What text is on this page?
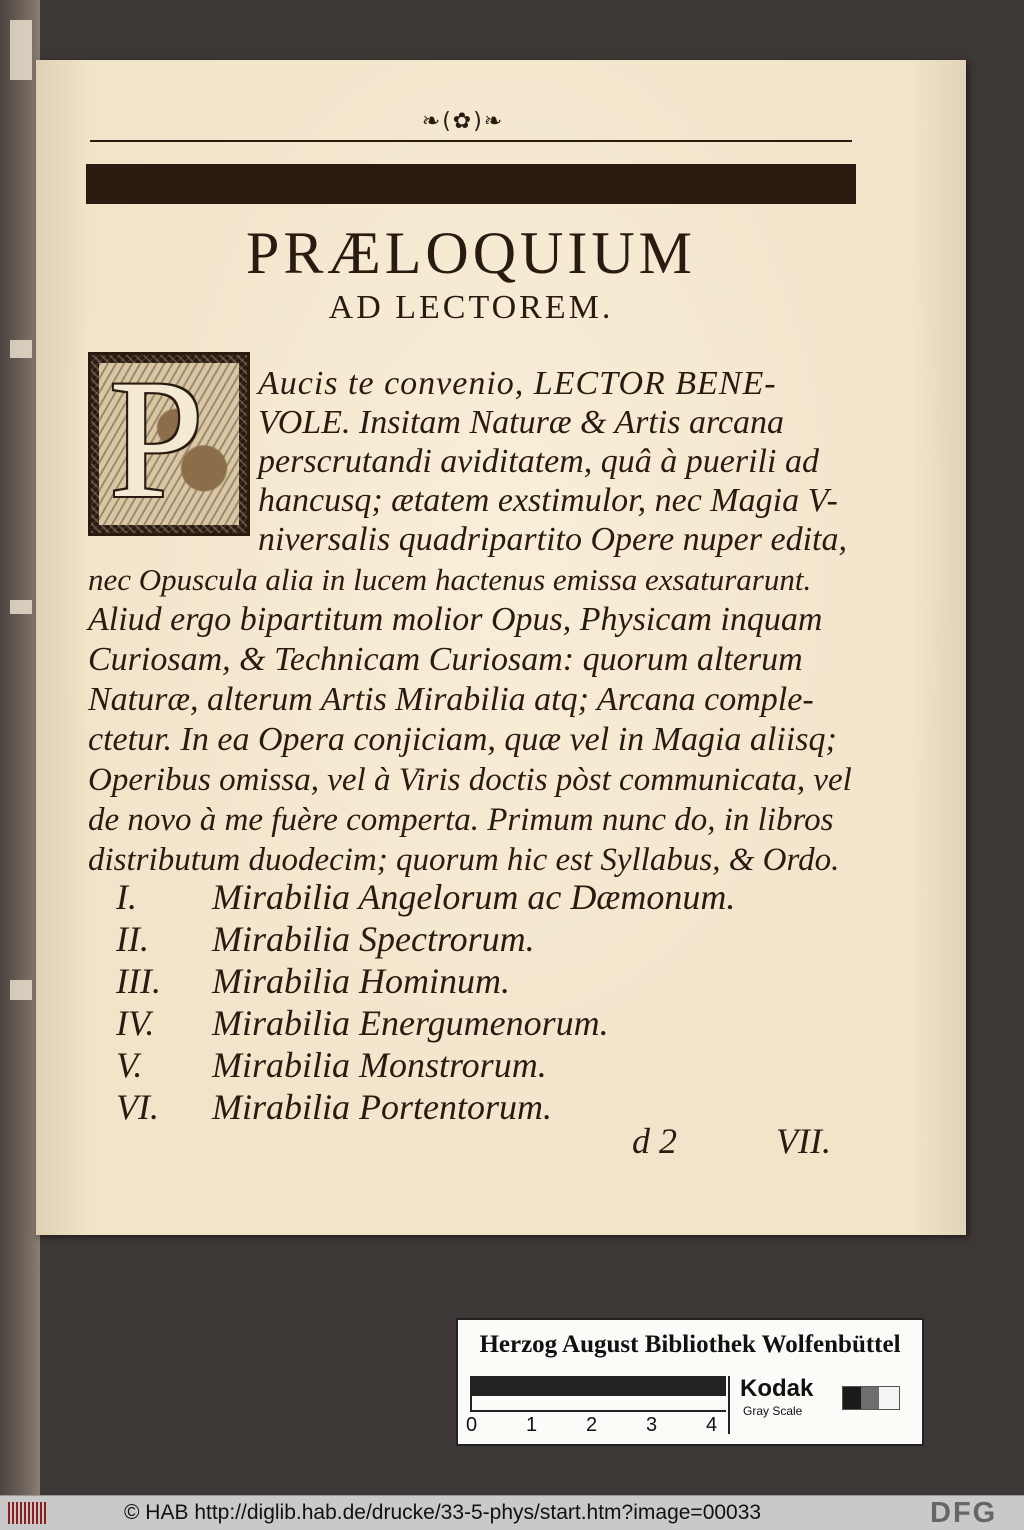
❧(✿)❧
PRÆLOQUIUM
AD LECTOREM.
P Aucis te convenio, LECTOR BENE-
VOLE. Insitam Naturæ & Artis arcana
perscrutandi aviditatem, quâ à puerili ad
hancusq; ætatem exstimulor, nec Magia V-
niversalis quadripartito Opere nuper edita,
nec Opuscula alia in lucem hactenus emissa exsaturarunt.
Aliud ergo bipartitum molior Opus, Physicam inquam
Curiosam, & Technicam Curiosam: quorum alterum
Naturæ, alterum Artis Mirabilia atq; Arcana comple-
ctetur. In ea Opera conjiciam, quæ vel in Magia aliisq;
Operibus omissa, vel à Viris doctis pòst communicata, vel
de novo à me fuère comperta. Primum nunc do, in libros
distributum duodecim; quorum hic est Syllabus, & Ordo.
I. Mirabilia Angelorum ac Dæmonum.
II. Mirabilia Spectrorum.
III. Mirabilia Hominum.
IV. Mirabilia Energumenorum.
V. Mirabilia Monstrorum.
VI. Mirabilia Portentorum.
d 2	VII.
Herzog August Bibliothek Wolfenbüttel
0 1 2 3 4
Kodak
Gray Scale
© HAB http://diglib.hab.de/drucke/33-5-phys/start.htm?image=00033	DFG
